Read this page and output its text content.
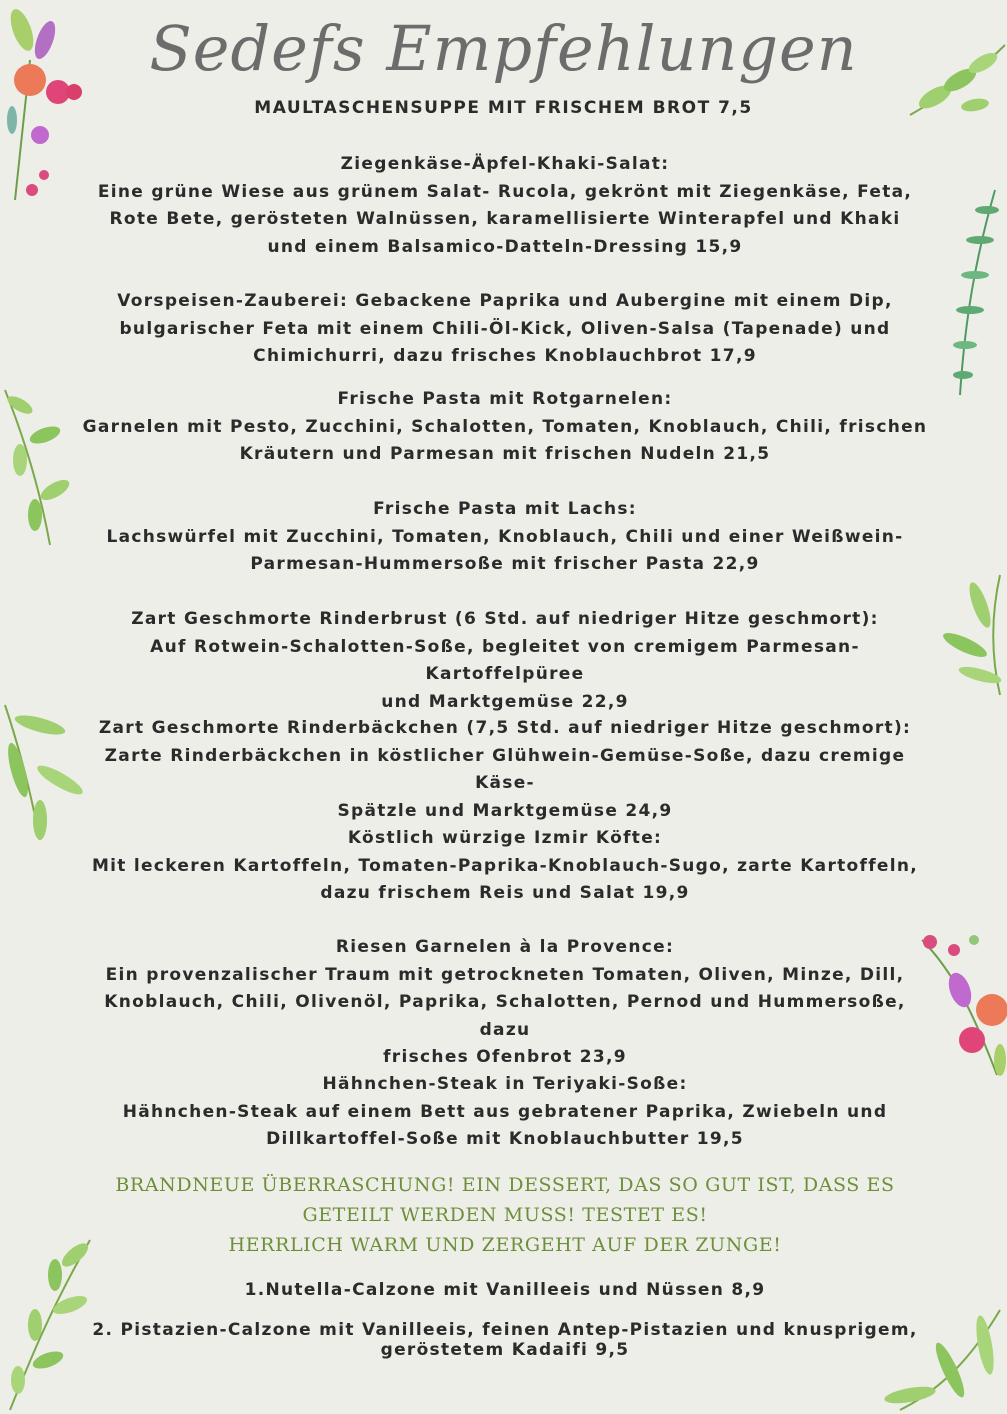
Sedefs Empfehlungen
MAULTASCHENSUPPE MIT FRISCHEM BROT 7,5

Ziegenkäse-Äpfel-Khaki-Salat:

Eine grüne Wiese aus grünem Salat- Rucola, gekrönt mit Ziegenkäse, Feta,

Rote Bete, gerösteten Walnüssen, karamellisierte Winterapfel und Khaki

und einem Balsamico-Datteln-Dressing 15,9

Vorspeisen-Zauberei: Gebackene Paprika und Aubergine mit einem Dip,

bulgarischer Feta mit einem Chili-Öl-Kick, Oliven-Salsa (Tapenade) und

Chimichurri, dazu frisches Knoblauchbrot 17,9

Frische Pasta mit Rotgarnelen:

Garnelen mit Pesto, Zucchini, Schalotten, Tomaten, Knoblauch, Chili, frischen

Kräutern und Parmesan mit frischen Nudeln 21,5

Frische Pasta mit Lachs:

Lachswürfel mit Zucchini, Tomaten, Knoblauch, Chili und einer Weißwein-

Parmesan-Hummersoße mit frischer Pasta 22,9

Zart Geschmorte Rinderbrust (6 Std. auf niedriger Hitze geschmort):

Auf Rotwein-Schalotten-Soße, begleitet von cremigem Parmesan-Kartoffelpüree

und Marktgemüse 22,9

Zart Geschmorte Rinderbäckchen (7,5 Std. auf niedriger Hitze geschmort):

Zarte Rinderbäckchen in köstlicher Glühwein-Gemüse-Soße, dazu cremige Käse-

Spätzle und Marktgemüse 24,9

Köstlich würzige Izmir Köfte:

Mit leckeren Kartoffeln, Tomaten-Paprika-Knoblauch-Sugo, zarte Kartoffeln,

dazu frischem Reis und Salat 19,9

Riesen Garnelen à la Provence:

Ein provenzalischer Traum mit getrockneten Tomaten, Oliven, Minze, Dill,

Knoblauch, Chili, Olivenöl, Paprika, Schalotten, Pernod und Hummersoße, dazu

frisches Ofenbrot 23,9

Hähnchen-Steak in Teriyaki-Soße:

Hähnchen-Steak auf einem Bett aus gebratener Paprika, Zwiebeln und

Dillkartoffel-Soße mit Knoblauchbutter 19,5

BRANDNEUE ÜBERRASCHUNG! EIN DESSERT, DAS SO GUT IST, DASS ES

GETEILT WERDEN MUSS! TESTET ES!

HERRLICH WARM UND ZERGEHT AUF DER ZUNGE!

1.Nutella-Calzone mit Vanilleeis und Nüssen 8,9
2. Pistazien-Calzone mit Vanilleeis, feinen Antep-Pistazien und knusprigem,
geröstetem Kadaifi 9,5
